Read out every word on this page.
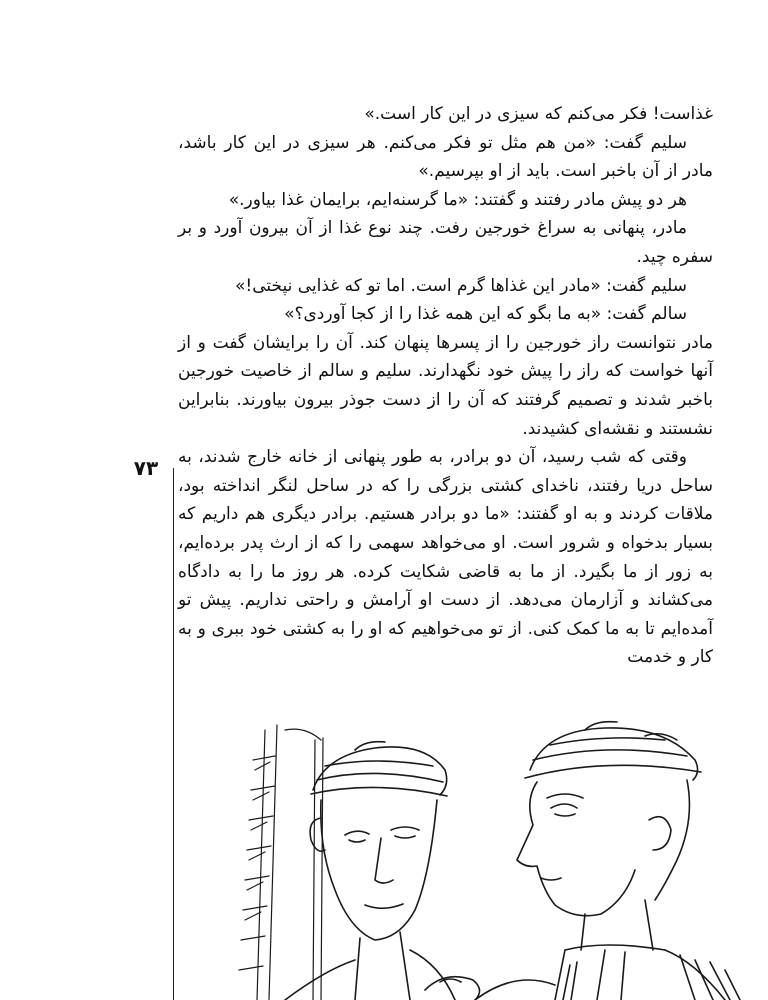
غذاست! فکر می‌کنم که سیزی در این کار است.»

سلیم گفت: «من هم مثل تو فکر می‌کنم. هر سیزی در این کار باشد، مادر از آن باخبر است. باید از او بپرسیم.»

هر دو پیش مادر رفتند و گفتند: «ما گرسنه‌ایم، برایمان غذا بیاور.»

مادر، پنهانی به سراغ خورجین رفت. چند نوع غذا از آن بیرون آورد و بر سفره چید.

سلیم گفت: «مادر این غذاها گرم است. اما تو که غذایی نپختی!»

سالم گفت: «به ما بگو که این همه غذا را از کجا آوردی؟»

مادر نتوانست راز خورجین را از پسرها پنهان کند. آن را برایشان گفت و از آنها خواست که راز را پیش خود نگهدارند. سلیم و سالم از خاصیت خورجین باخبر شدند و تصمیم گرفتند که آن را از دست جوذر بیرون بیاورند. بنابراین نشستند و نقشه‌ای کشیدند.

وقتی که شب رسید، آن دو برادر، به طور پنهانی از خانه خارج شدند، به ساحل دریا رفتند، ناخدای کشتی بزرگی را که در ساحل لنگر انداخته بود، ملاقات کردند و به او گفتند: «ما دو برادر هستیم. برادر دیگری هم داریم که بسیار بدخواه و شرور است. او می‌خواهد سهمی را که از ارث پدر برده‌ایم، به زور از ما بگیرد. از ما به قاضی شکایت کرده. هر روز ما را به دادگاه می‌کشاند و آزارمان می‌دهد. از دست او آرامش و راحتی نداریم. پیش تو آمده‌ایم تا به ما کمک کنی. از تو می‌خواهیم که او را به کشتی خود ببری و به کار و خدمت

۷۳
